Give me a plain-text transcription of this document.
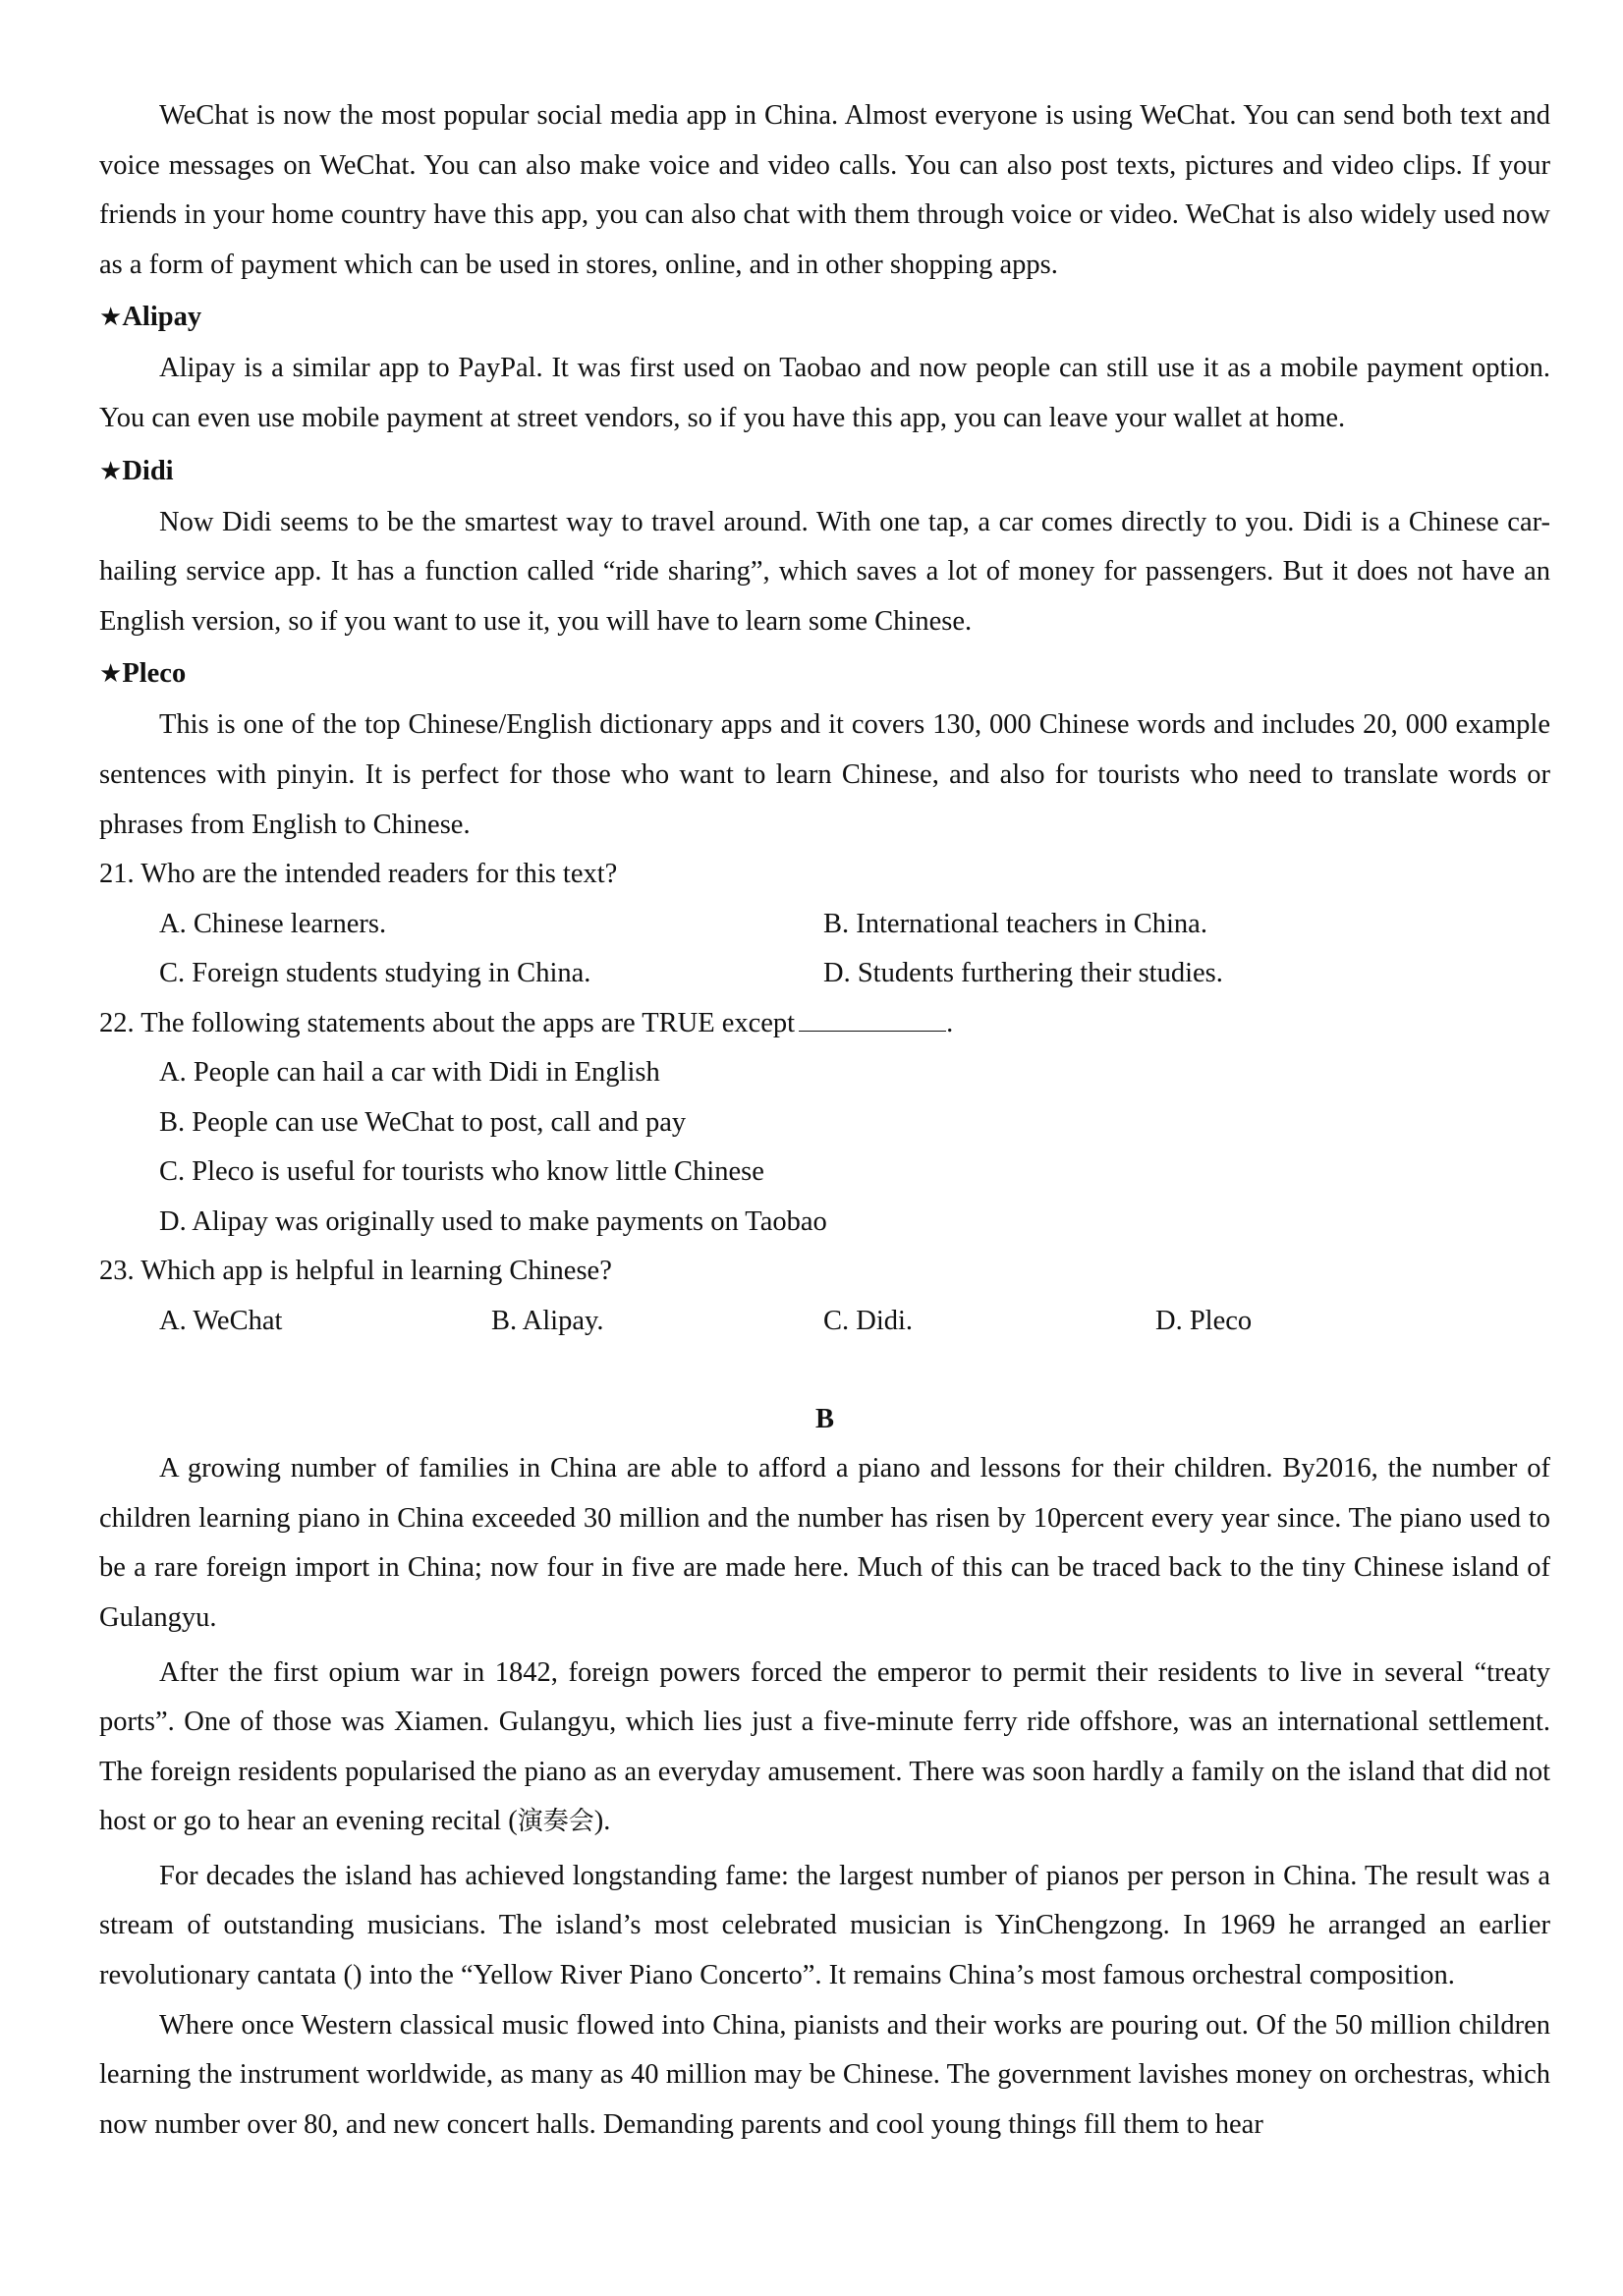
WeChat is now the most popular social media app in China. Almost everyone is using WeChat. You can send both text and voice messages on WeChat. You can also make voice and video calls. You can also post texts, pictures and video clips. If your friends in your home country have this app, you can also chat with them through voice or video. WeChat is also widely used now as a form of payment which can be used in stores, online, and in other shopping apps.

★Alipay

Alipay is a similar app to PayPal. It was first used on Taobao and now people can still use it as a mobile payment option. You can even use mobile payment at street vendors, so if you have this app, you can leave your wallet at home.

★Didi

Now Didi seems to be the smartest way to travel around. With one tap, a car comes directly to you. Didi is a Chinese car-hailing service app. It has a function called “ride sharing”, which saves a lot of money for passengers. But it does not have an English version, so if you want to use it, you will have to learn some Chinese.

★Pleco

This is one of the top Chinese/English dictionary apps and it covers 130, 000 Chinese words and includes 20, 000 example sentences with pinyin. It is perfect for those who want to learn Chinese, and also for tourists who need to translate words or phrases from English to Chinese.

21. Who are the intended readers for this text?

A. Chinese learners.	B. International teachers in China.
C. Foreign students studying in China.	D. Students furthering their studies.

22. The following statements about the apps are TRUE except	.

A. People can hail a car with Didi in English
B. People can use WeChat to post, call and pay
C. Pleco is useful for tourists who know little Chinese
D. Alipay was originally used to make payments on Taobao

23. Which app is helpful in learning Chinese?

A. WeChat	B. Alipay.	C. Didi.	D. Pleco

B

A growing number of families in China are able to afford a piano and lessons for their children. By2016, the number of children learning piano in China exceeded 30 million and the number has risen by 10percent every year since. The piano used to be a rare foreign import in China; now four in five are made here. Much of this can be traced back to the tiny Chinese island of Gulangyu.

After the first opium war in 1842, foreign powers forced the emperor to permit their residents to live in several “treaty ports”. One of those was Xiamen. Gulangyu, which lies just a five-minute ferry ride offshore, was an international settlement. The foreign residents popularised the piano as an everyday amusement. There was soon hardly a family on the island that did not host or go to hear an evening recital (演奏会).

For decades the island has achieved longstanding fame: the largest number of pianos per person in China. The result was a stream of outstanding musicians. The island’s most celebrated musician is YinChengzong. In 1969 he arranged an earlier revolutionary cantata () into the “Yellow River Piano Concerto”. It remains China’s most famous orchestral composition.

Where once Western classical music flowed into China, pianists and their works are pouring out. Of the 50 million children learning the instrument worldwide, as many as 40 million may be Chinese. The government lavishes money on orchestras, which now number over 80, and new concert halls. Demanding parents and cool young things fill them to hear
